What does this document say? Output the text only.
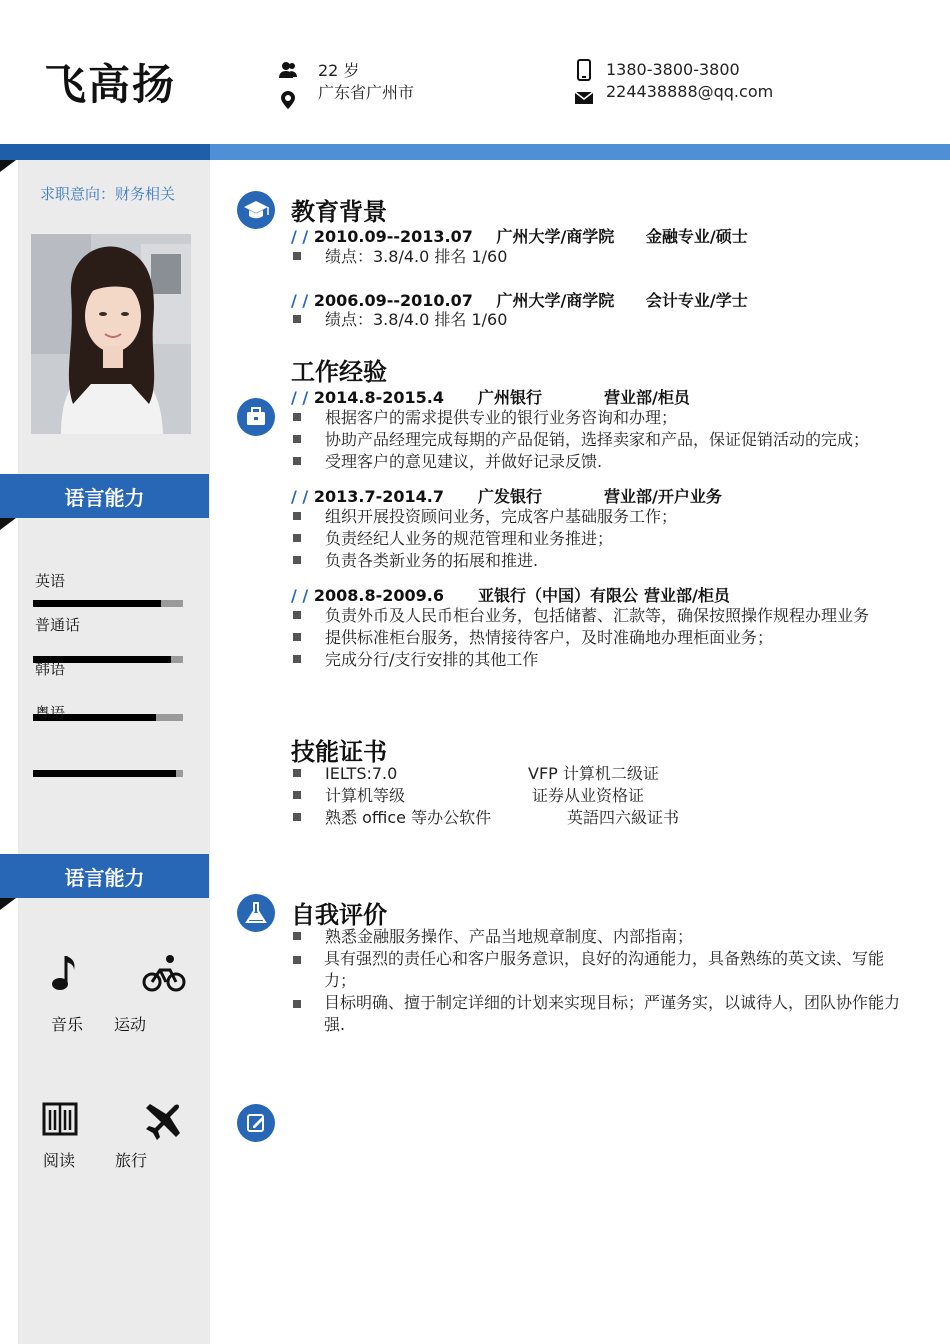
飞高扬	22 岁
广东省广州市
1380-3800-3800
224438888@qq.com
求职意向：财务相关
语言能力
英语
普通话
韩语
粤语
语言能力
音乐 运动
阅读 旅行
教育背景
/ / 2010.09--2013.07 广州大学/商学院 金融专业/硕士
绩点：3.8/4.0 排名 1/60
/ / 2006.09--2010.07 广州大学/商学院 会计专业/学士
绩点：3.8/4.0 排名 1/60
工作经验
/ / 2014.8-2015.4 广州银行	营业部/柜员
根据客户的需求提供专业的银行业务咨询和办理；
协助产品经理完成每期的产品促销，选择卖家和产品，保证促销活动的完成；
受理客户的意见建议，并做好记录反馈.
/ / 2013.7-2014.7 广发银行	营业部/开户业务
组织开展投资顾问业务，完成客户基础服务工作；
负责经纪人业务的规范管理和业务推进；
负责各类新业务的拓展和推进.
/ / 2008.8-2009.6 亚银行（中国）有限公 营业部/柜员
负责外币及人民币柜台业务，包括储蓄、汇款等，确保按照操作规程办理业务
提供标准柜台服务，热情接待客户，及时准确地办理柜面业务；
完成分行/支行安排的其他工作
技能证书
IELTS:7.0	VFP 计算机二级证
计算机等级	证券从业资格证
熟悉 office 等办公软件	英語四六級证书
自我评价
熟悉金融服务操作、产品当地规章制度、内部指南；
具有强烈的责任心和客户服务意识，良好的沟通能力，具备熟练的英文读、写能力；
目标明确、擅于制定详细的计划来实现目标；严谨务实，以诚待人，团队协作能力强.
